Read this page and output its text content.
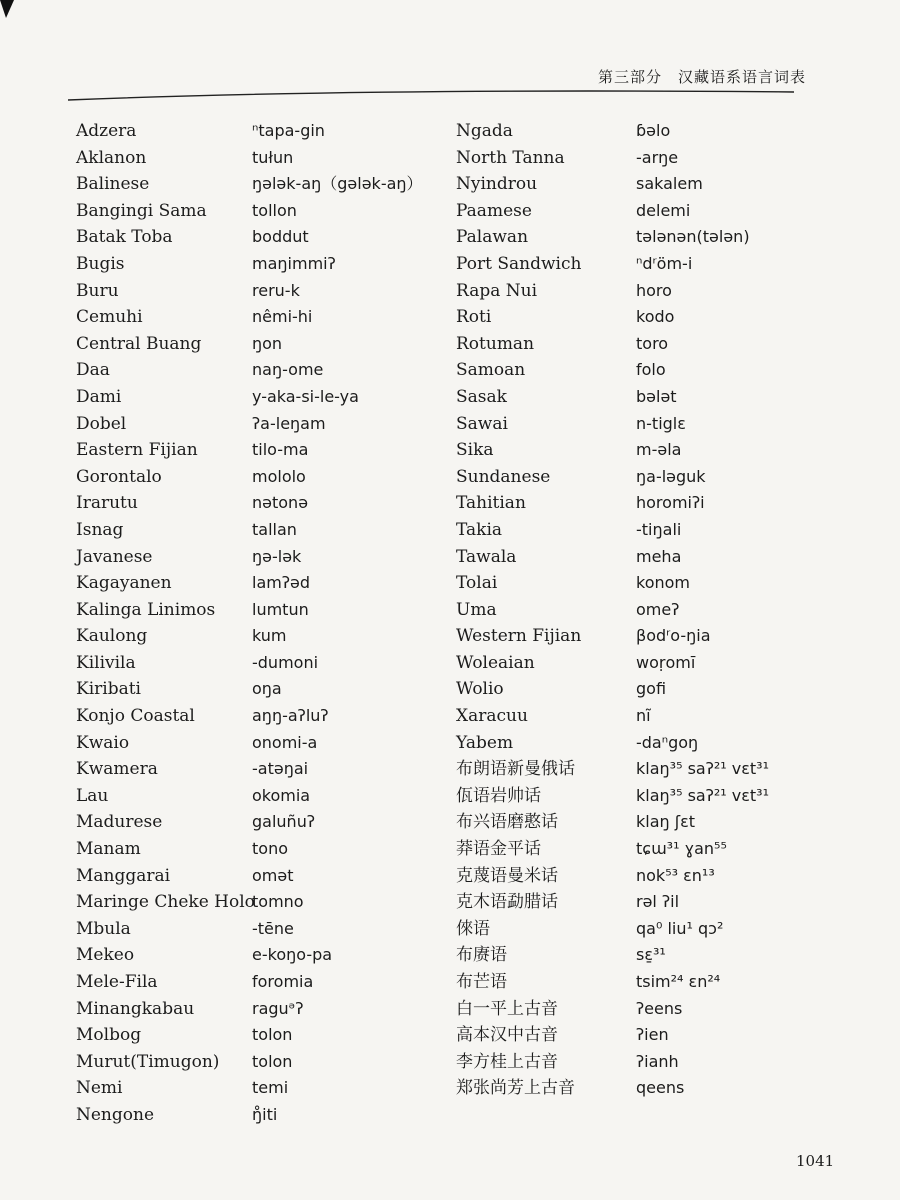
第三部分　汉藏语系语言词表
Adzera
Aklanon
Balinese
Bangingi Sama
Batak Toba
Bugis
Buru
Cemuhi
Central Buang
Daa
Dami
Dobel
Eastern Fijian
Gorontalo
Irarutu
Isnag
Javanese
Kagayanen
Kalinga Linimos
Kaulong
Kilivila
Kiribati
Konjo Coastal
Kwaio
Kwamera
Lau
Madurese
Manam
Manggarai
Maringe Cheke Holo
Mbula
Mekeo
Mele-Fila
Minangkabau
Molbog
Murut(Timugon)
Nemi
Nengone
ⁿtapa-gin
tułun
ŋələk-aŋ（gələk-aŋ）
tollon
boddut
maŋimmiʔ
reru-k
nêmi-hi
ŋon
naŋ-ome
y-aka-si-le-ya
ʔa-leŋam
tilo-ma
mololo
nətonə
tallan
ŋə-lək
lamʔəd
lumtun
kum
-dumoni
oŋa
aŋŋ-aʔluʔ
onomi-a
-atəŋai
okomia
galuñuʔ
tono
omət
tomno
-tēne
e-koŋo-pa
foromia
raguᵊʔ
tolon
tolon
temi
ŋ̊iti
Ngada
North Tanna
Nyindrou
Paamese
Palawan
Port Sandwich
Rapa Nui
Roti
Rotuman
Samoan
Sasak
Sawai
Sika
Sundanese
Tahitian
Takia
Tawala
Tolai
Uma
Western Fijian
Woleaian
Wolio
Xaracuu
Yabem
布朗语新曼俄话
佤语岩帅话
布兴语磨憨话
莽语金平话
克蔑语曼米话
克木语勐腊话
倈语
布赓语
布芒语
白一平上古音
高本汉中古音
李方桂上古音
郑张尚芳上古音
ɓəlo
-arŋe
sakalem
delemi
tələnən(tələn)
ⁿdʳöm-i
horo
kodo
toro
folo
bələt
n-tiglɛ
m-əla
ŋa-ləguk
horomiʔi
-tiŋali
meha
konom
omeʔ
βodʳo-ŋia
woṛomī
gofi
nĩ
-daⁿgoŋ
klaŋ³⁵ saʔ²¹ vɛt³¹
klaŋ³⁵ saʔ²¹ vɛt³¹
klaŋ ʃɛt
tɕɯ³¹ ɣan⁵⁵
nok⁵³ ɛn¹³
rəl ʔil
qa⁰ liu¹ qɔ²
sɛ̱³¹
tsim²⁴ ɛn²⁴
ʔeens
ʔien
ʔianh
qeens
1041
